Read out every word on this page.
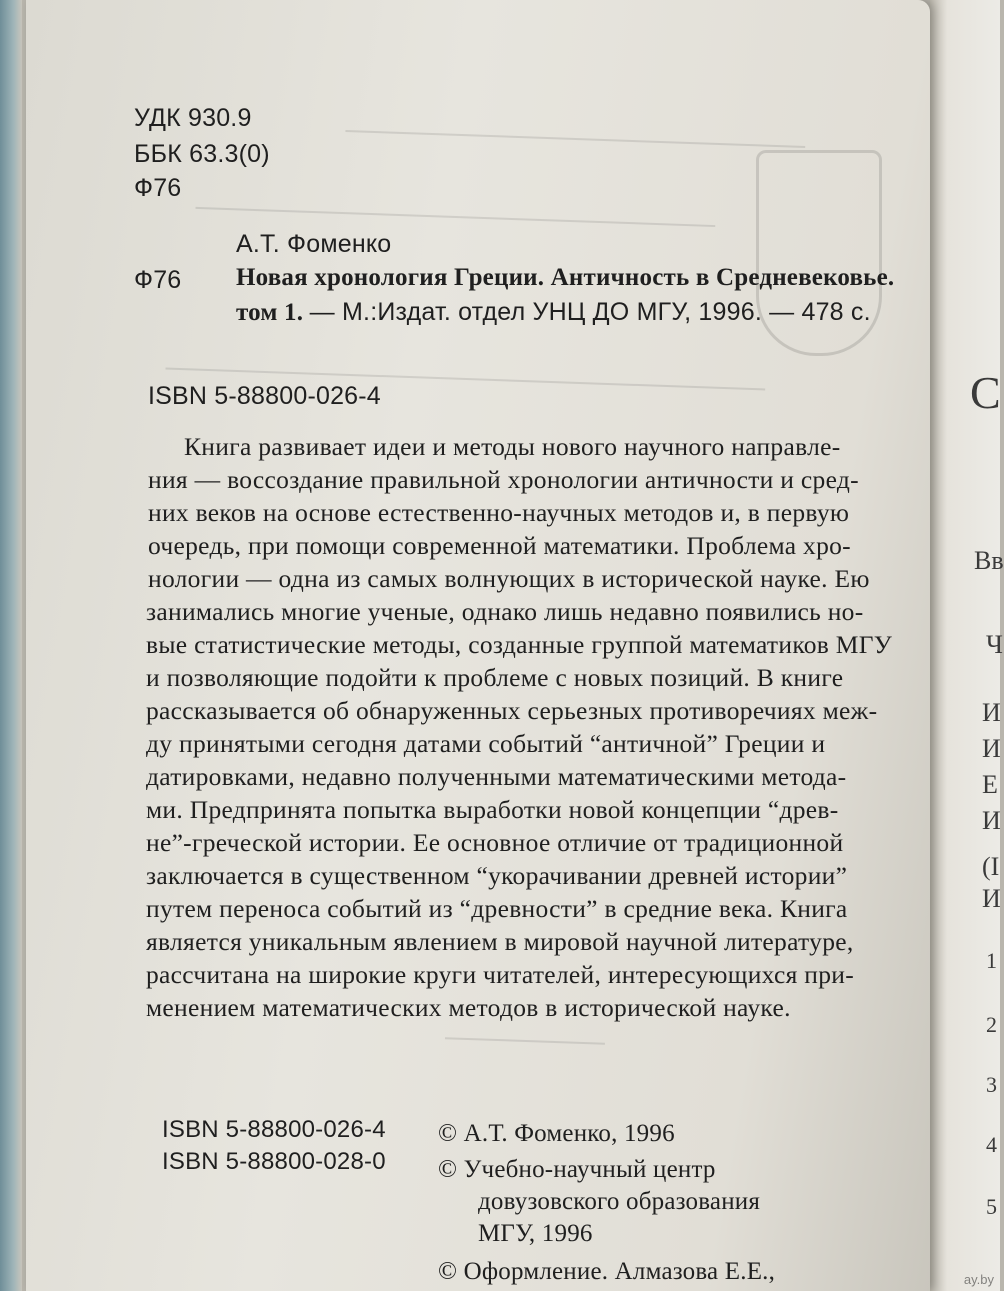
С
Вв
Ч
И
И
Е
И
(І
И
1
2
3
4
5
УДК 930.9
ББК 63.3(0)
Ф76
А.Т. Фоменко
Ф76 Новая хронология Греции. Античность в Средневековье.
том 1. — М.:Издат. отдел УНЦ ДО МГУ, 1996. — 478 с.
ISBN 5-88800-026-4
Книга развивает идеи и методы нового научного направле-
ния — воссоздание правильной хронологии античности и сред-
них веков на основе естественно-научных методов и, в первую
очередь, при помощи современной математики. Проблема хро-
нологии — одна из самых волнующих в исторической науке. Ею
занимались многие ученые, однако лишь недавно появились но-
вые статистические методы, созданные группой математиков МГУ
и позволяющие подойти к проблеме с новых позиций. В книге
рассказывается об обнаруженных серьезных противоречиях меж-
ду принятыми сегодня датами событий “античной” Греции и
датировками, недавно полученными математическими метода-
ми. Предпринята попытка выработки новой концепции “древ-
не”-греческой истории. Ее основное отличие от традиционной
заключается в существенном “укорачивании древней истории”
путем переноса событий из “древности” в средние века. Книга
является уникальным явлением в мировой научной литературе,
рассчитана на широкие круги читателей, интересующихся при-
менением математических методов в исторической науке.
ISBN 5-88800-026-4
ISBN 5-88800-028-0
© А.Т. Фоменко, 1996
© Учебно-научный центр
довузовского образования
МГУ, 1996
© Оформление. Алмазова Е.Е.,	ay.by
